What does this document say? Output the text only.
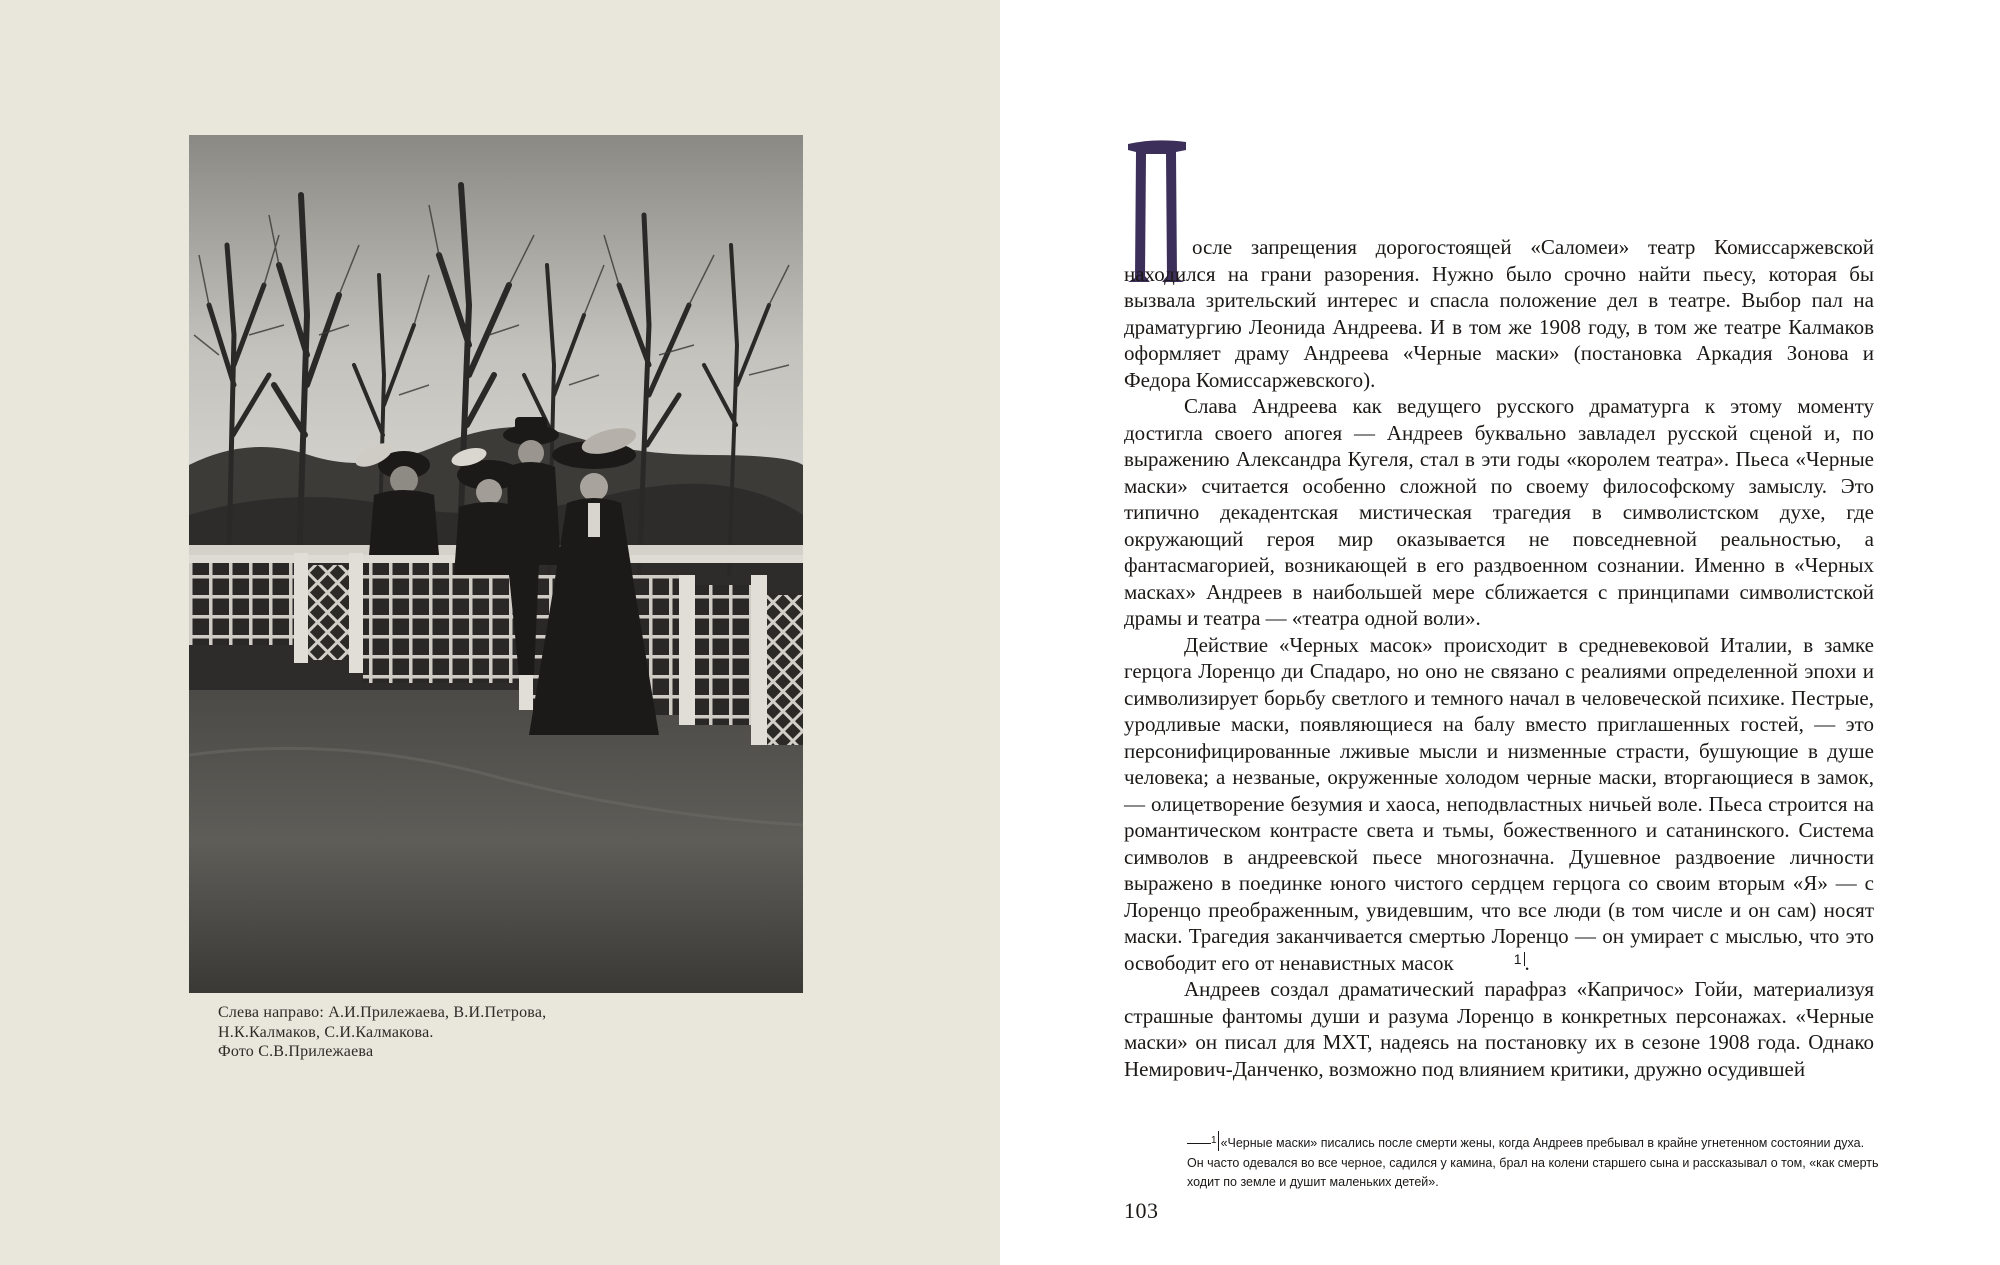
Слева направо: А.И.Прилежаева, В.И.Петрова,
Н.К.Калмаков, С.И.Калмакова.
Фото С.В.Прилежаева
П

осле запрещения дорогостоящей «Саломеи» театр Комиссаржевской находился на грани разорения. Нужно было срочно найти пьесу, которая бы вызвала зрительский интерес и спасла положение дел в театре. Выбор пал на драматургию Леонида Андреева. И в том же 1908 году, в том же театре Калмаков оформляет драму Андреева «Черные маски» (постановка Аркадия Зонова и Федора Комиссаржевского).

Слава Андреева как ведущего русского драматурга к этому моменту достигла своего апогея — Андреев буквально завладел русской сценой и, по выражению Александра Кугеля, стал в эти годы «королем театра». Пьеса «Черные маски» считается особенно сложной по своему философскому замыслу. Это типично декадентская мистическая трагедия в символистском духе, где окружающий героя мир оказывается не повседневной реальностью, а фантасмагорией, возникающей в его раздвоенном сознании. Именно в «Черных масках» Андреев в наибольшей мере сближается с принципами символистской драмы и театра — «театра одной воли».

Действие «Черных масок» происходит в средневековой Италии, в замке герцога Лоренцо ди Спадаро, но оно не связано с реалиями определенной эпохи и символизирует борьбу светлого и темного начал в человеческой психике. Пестрые, уродливые маски, появляющиеся на балу вместо приглашенных гостей, — это персонифицированные лживые мысли и низменные страсти, бушующие в душе человека; а незваные, окруженные холодом черные маски, вторгающиеся в замок, — олицетворение безумия и хаоса, неподвластных ничьей воле. Пьеса строится на романтическом контрасте света и тьмы, божественного и сатанинского. Система символов в андреевской пьесе многозначна. Душевное раздвоение личности выражено в поединке юного чистого сердцем герцога со своим вторым «Я» — с Лоренцо преображенным, увидевшим, что все люди (в том числе и он сам) носят маски. Трагедия заканчивается смертью Лоренцо — он умирает с мыслью, что это освободит его от ненавистных масок	1 .

Андреев создал драматический парафраз «Капричос» Гойи, материализуя страшные фантомы души и разума Лоренцо в конкретных персонажах. «Черные маски» он писал для МХТ, надеясь на постановку их в сезоне 1908 года. Однако Немирович-Данченко, возможно под влиянием критики, дружно осудившей

1 «Черные маски» писались после смерти жены, когда Андреев пребывал в крайне угнетенном состоянии духа.
Он часто одевался во все черное, садился у камина, брал на колени старшего сына и рассказывал о том, «как смерть
ходит по земле и душит маленьких детей».
103
